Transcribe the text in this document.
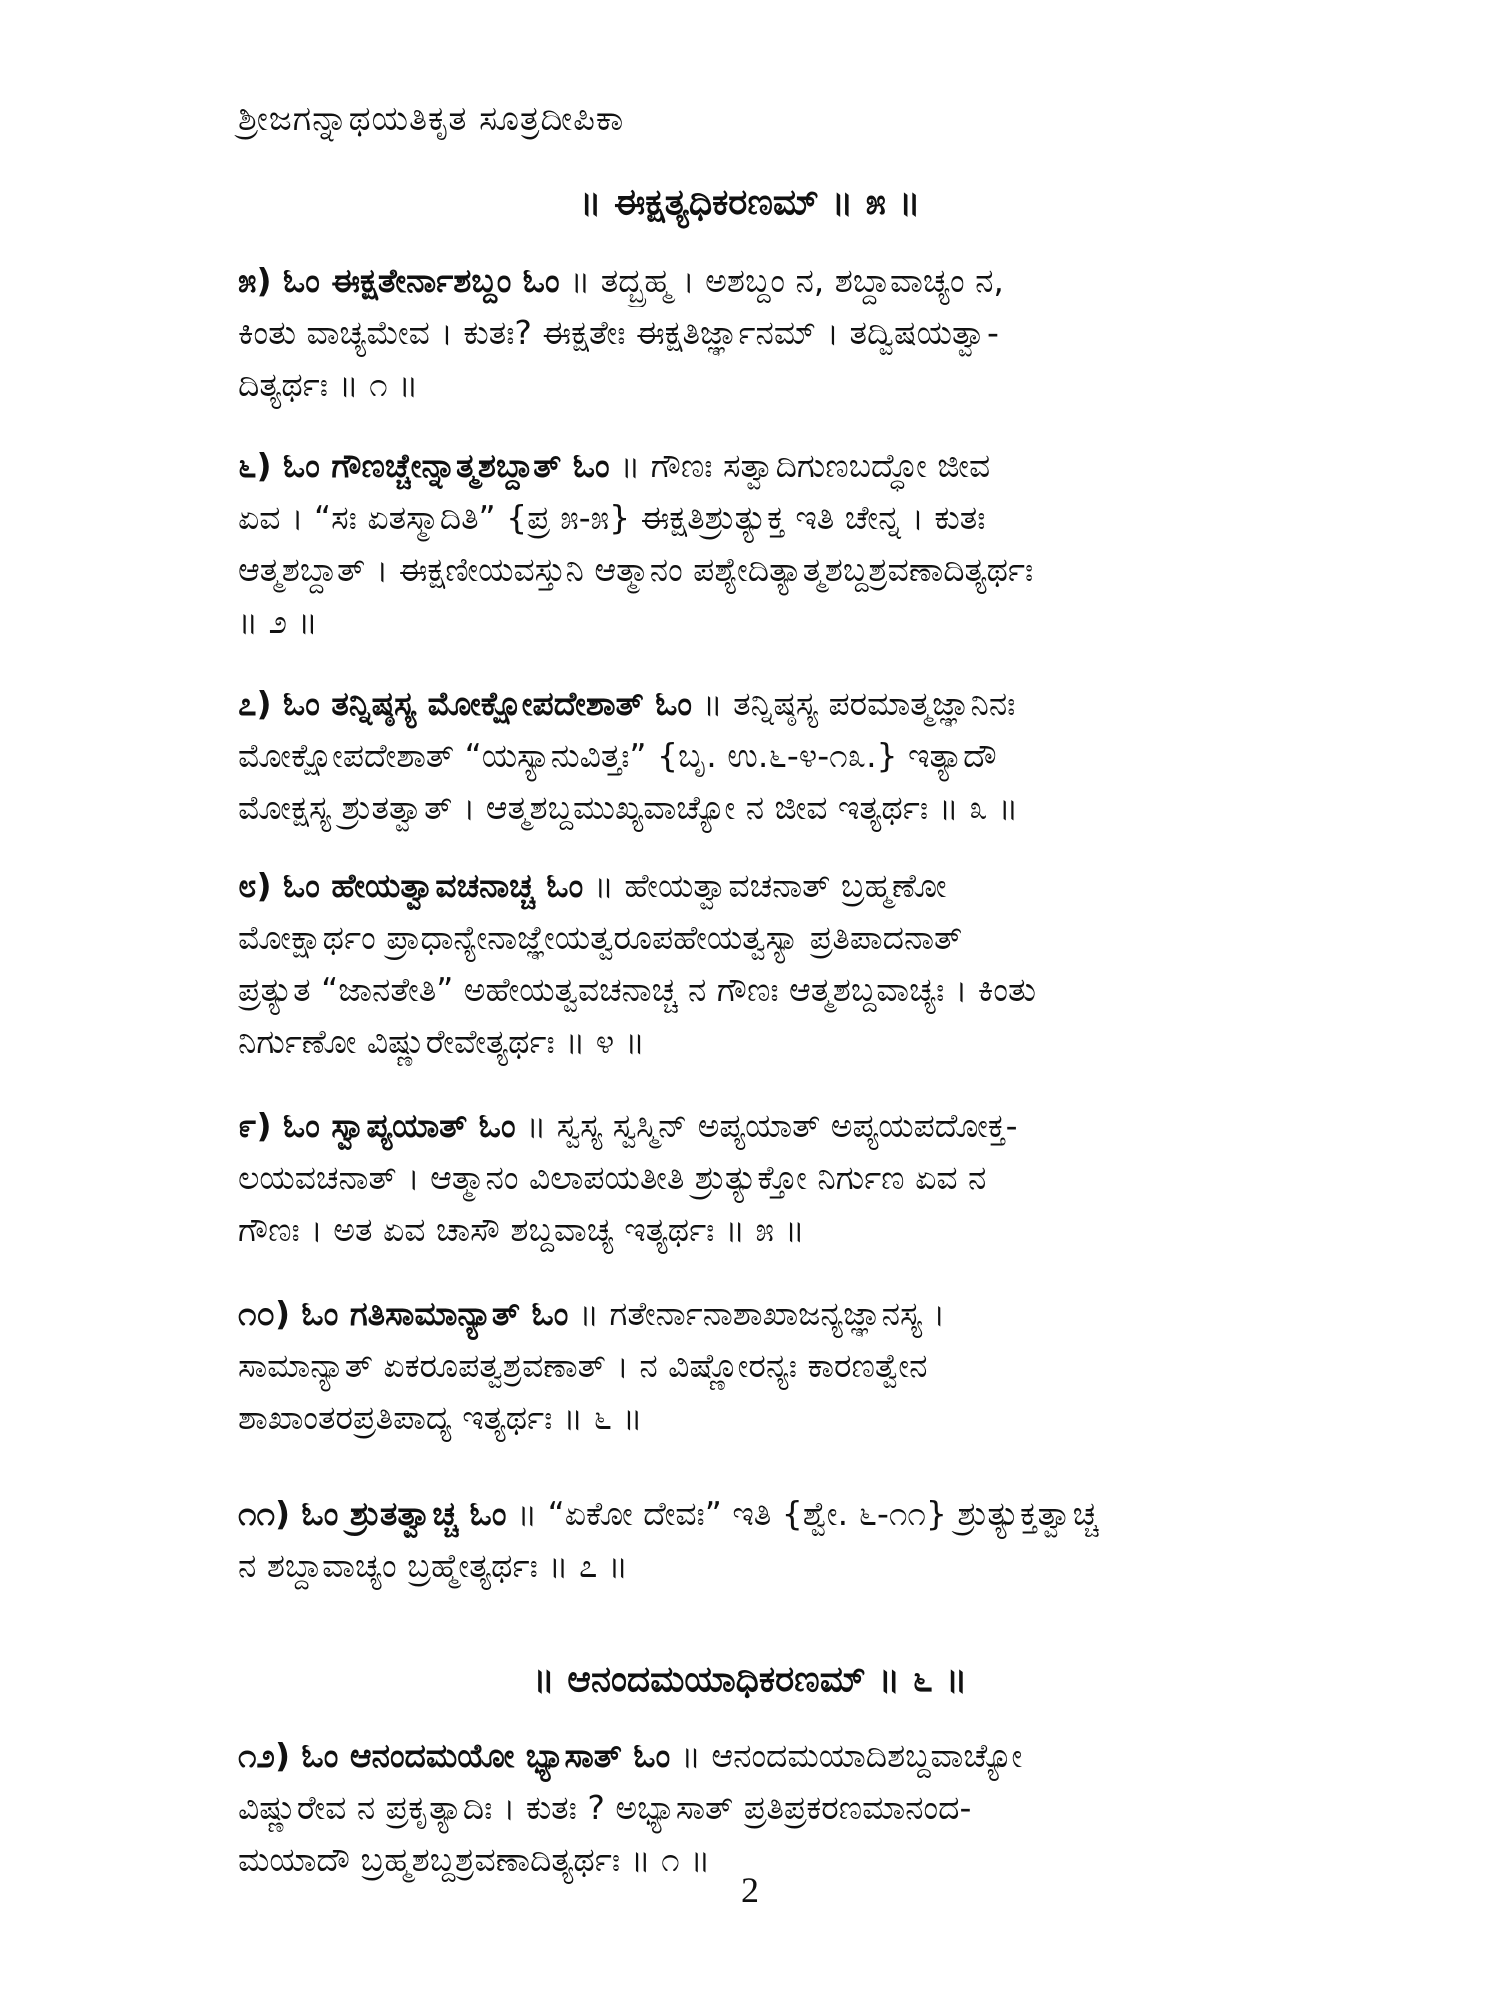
ಶ್ರೀಜಗನ್ನಾಥಯತಿಕೃತ ಸೂತ್ರದೀಪಿಕಾ
॥ ಈಕ್ಷತ್ಯಧಿಕರಣಮ್ ॥ ೫ ॥
೫) ಓಂ ಈಕ್ಷತೇರ್ನಾಶಬ್ದಂ ಓಂ ॥ ತದ್ಬ್ರಹ್ಮ । ಅಶಬ್ದಂ ನ, ಶಬ್ದಾವಾಚ್ಯಂ ನ,
ಕಿಂತು ವಾಚ್ಯಮೇವ । ಕುತಃ? ಈಕ್ಷತೇಃ ಈಕ್ಷತಿರ್ಜ್ಞಾನಮ್ । ತದ್ವಿಷಯತ್ವಾ-
ದಿತ್ಯರ್ಥಃ ॥ ೧ ॥
೬) ಓಂ ಗೌಣಚ್ಚೇನ್ನಾತ್ಮಶಬ್ದಾತ್ ಓಂ ॥ ಗೌಣಃ ಸತ್ವಾದಿಗುಣಬದ್ಧೋ ಜೀವ
ಏವ । “ಸಃ ಏತಸ್ಮಾದಿತಿ” {ಪ್ರ ೫-೫} ಈಕ್ಷತಿಶ್ರುತ್ಯುಕ್ತ ಇತಿ ಚೇನ್ನ । ಕುತಃ
ಆತ್ಮಶಬ್ದಾತ್ । ಈಕ್ಷಣೀಯವಸ್ತುನಿ ಆತ್ಮಾನಂ ಪಶ್ಯೇದಿತ್ಯಾತ್ಮಶಬ್ದಶ್ರವಣಾದಿತ್ಯರ್ಥಃ
॥ ೨ ॥
೭) ಓಂ ತನ್ನಿಷ್ಠಸ್ಯ ಮೋಕ್ಷೋಪದೇಶಾತ್ ಓಂ ॥ ತನ್ನಿಷ್ಠಸ್ಯ ಪರಮಾತ್ಮಜ್ಞಾನಿನಃ
ಮೋಕ್ಷೋಪದೇಶಾತ್ “ಯಸ್ಯಾನುವಿತ್ತಃ” {ಬೃ. ಉ.೬-೪-೧೩.} ಇತ್ಯಾದೌ
ಮೋಕ್ಷಸ್ಯ ಶ್ರುತತ್ವಾತ್ । ಆತ್ಮಶಬ್ದಮುಖ್ಯವಾಚ್ಯೋ ನ ಜೀವ ಇತ್ಯರ್ಥಃ ॥ ೩ ॥
೮) ಓಂ ಹೇಯತ್ವಾವಚನಾಚ್ಚ ಓಂ ॥ ಹೇಯತ್ವಾವಚನಾತ್ ಬ್ರಹ್ಮಣೋ
ಮೋಕ್ಷಾರ್ಥಂ ಪ್ರಾಧಾನ್ಯೇನಾಜ್ಞೇಯತ್ವರೂಪಹೇಯತ್ವಸ್ಯಾ ಪ್ರತಿಪಾದನಾತ್
ಪ್ರತ್ಯುತ “ಜಾನತೇತಿ” ಅಹೇಯತ್ವವಚನಾಚ್ಚ ನ ಗೌಣಃ ಆತ್ಮಶಬ್ದವಾಚ್ಯಃ । ಕಿಂತು
ನಿರ್ಗುಣೋ ವಿಷ್ಣುರೇವೇತ್ಯರ್ಥಃ ॥ ೪ ॥
೯) ಓಂ ಸ್ವಾಪ್ಯಯಾತ್ ಓಂ ॥ ಸ್ವಸ್ಯ ಸ್ವಸ್ಮಿನ್ ಅಪ್ಯಯಾತ್ ಅಪ್ಯಯಪದೋಕ್ತ-
ಲಯವಚನಾತ್ । ಆತ್ಮಾನಂ ವಿಲಾಪಯತೀತಿ ಶ್ರುತ್ಯುಕ್ತೋ ನಿರ್ಗುಣ ಏವ ನ
ಗೌಣಃ । ಅತ ಏವ ಚಾಸೌ ಶಬ್ದವಾಚ್ಯ ಇತ್ಯರ್ಥಃ ॥ ೫ ॥
೧೦) ಓಂ ಗತಿಸಾಮಾನ್ಯಾತ್ ಓಂ ॥ ಗತೇರ್ನಾನಾಶಾಖಾಜನ್ಯಜ್ಞಾನಸ್ಯ ।
ಸಾಮಾನ್ಯಾತ್ ಏಕರೂಪತ್ವಶ್ರವಣಾತ್ । ನ ವಿಷ್ಣೋರನ್ಯಃ ಕಾರಣತ್ವೇನ
ಶಾಖಾಂತರಪ್ರತಿಪಾದ್ಯ ಇತ್ಯರ್ಥಃ ॥ ೬ ॥
೧೧) ಓಂ ಶ್ರುತತ್ವಾಚ್ಚ ಓಂ ॥ “ಏಕೋ ದೇವಃ” ಇತಿ {ಶ್ವೇ. ೬-೧೧} ಶ್ರುತ್ಯುಕ್ತತ್ವಾಚ್ಚ
ನ ಶಬ್ದಾವಾಚ್ಯಂ ಬ್ರಹ್ಮೇತ್ಯರ್ಥಃ ॥ ೭ ॥
॥ ಆನಂದಮಯಾಧಿಕರಣಮ್ ॥ ೬ ॥
೧೨) ಓಂ ಆನಂದಮಯೋ ಭ್ಯಾಸಾತ್ ಓಂ ॥ ಆನಂದಮಯಾದಿಶಬ್ದವಾಚ್ಯೋ
ವಿಷ್ಣುರೇವ ನ ಪ್ರಕೃತ್ಯಾದಿಃ । ಕುತಃ ? ಅಭ್ಯಾಸಾತ್ ಪ್ರತಿಪ್ರಕರಣಮಾನಂದ-
ಮಯಾದೌ ಬ್ರಹ್ಮಶಬ್ದಶ್ರವಣಾದಿತ್ಯರ್ಥಃ ॥ ೧ ॥
2
